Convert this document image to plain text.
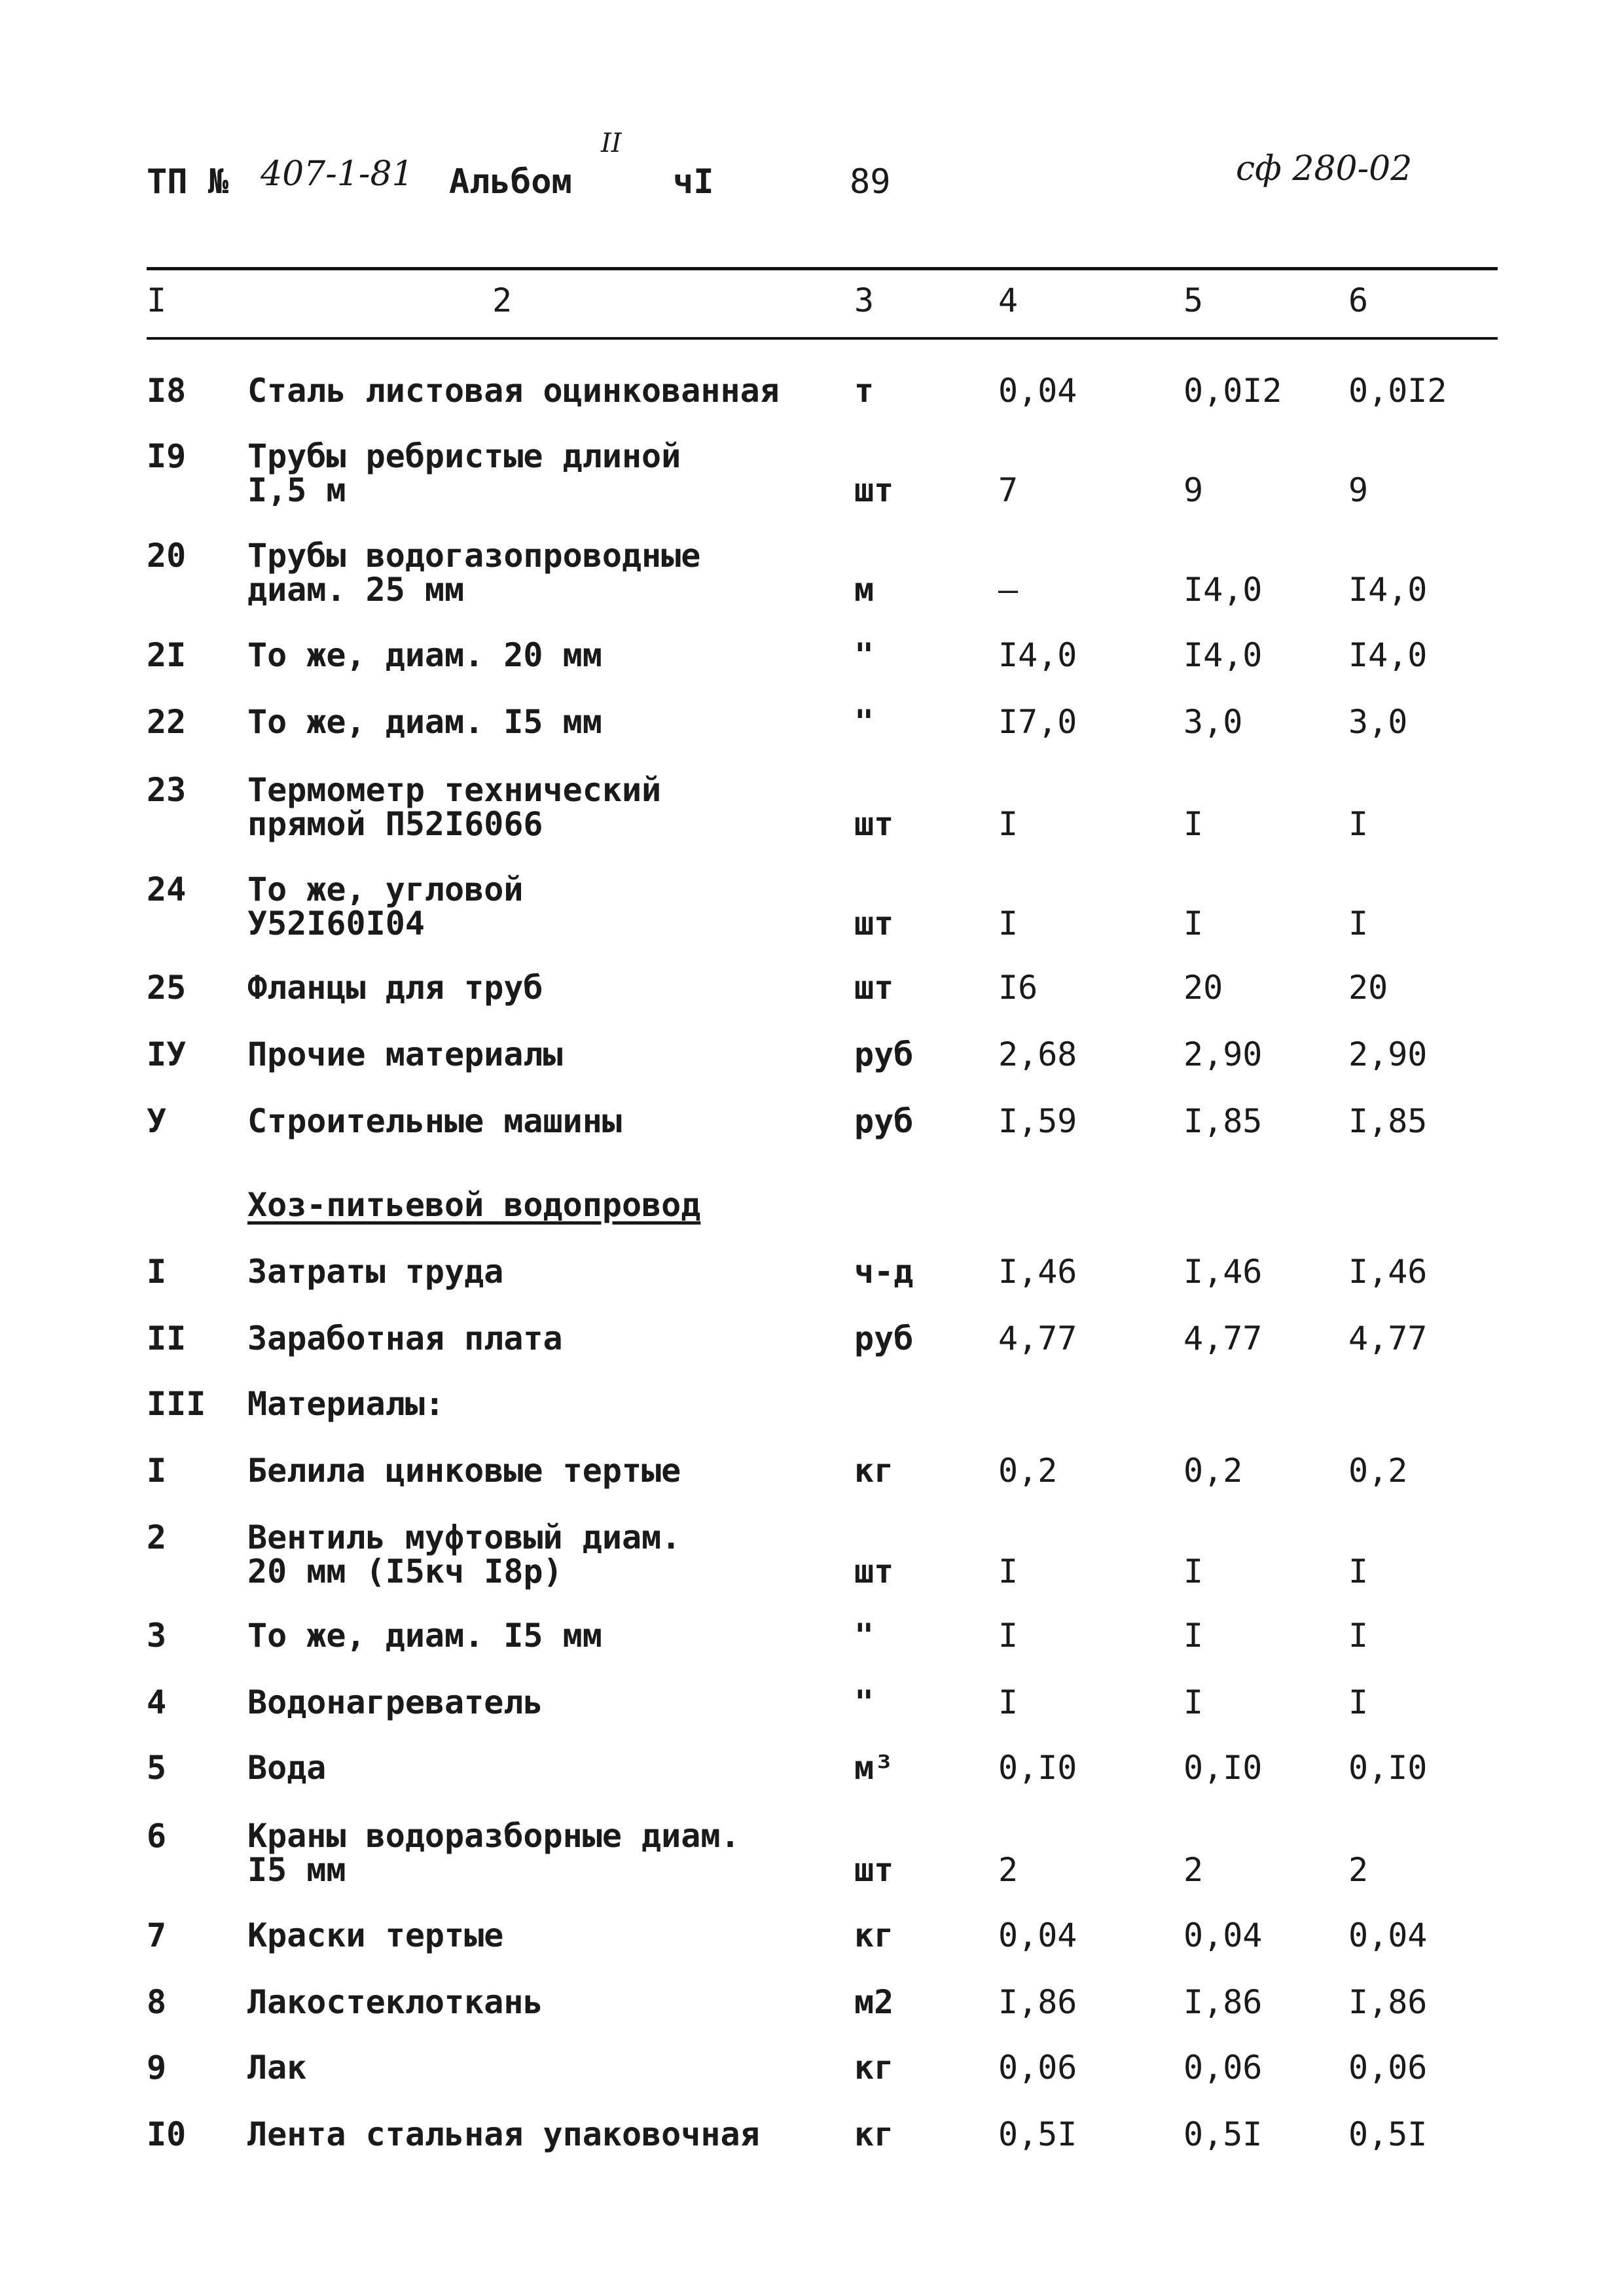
ТП № 407-1-81 Альбом
II
чI	89	сф 280-02
I	2	3	4	5	6
I8 Сталь листовая оцинкованная т	0,04	0,0I2 0,0I2
I9 Трубы ребристые длиной
I,5 м	шт	7	9	9
20 Трубы водогазопроводные
диам. 25 мм	м	–	I4,0	I4,0
2I То же, диам. 20 мм	"	I4,0	I4,0	I4,0
22 То же, диам. I5 мм	"	I7,0	3,0	3,0
23 Термометр технический
прямой П52I6066	шт	I	I	I
24 То же, угловой
У52I60I04	шт	I	I	I
25 Фланцы для труб	шт	I6	20	20
IУ Прочие материалы	руб	2,68	2,90	2,90
У Строительные машины	руб	I,59	I,85	I,85
Хоз-питьевой водопровод
I Затраты труда	ч-д	I,46	I,46	I,46
II Заработная плата	руб	4,77	4,77	4,77
III Материалы:
I Белила цинковые тертые	кг	0,2	0,2	0,2
2 Вентиль муфтовый диам.
20 мм (I5кч I8р)	шт	I	I	I
3 То же, диам. I5 мм	"	I	I	I
4 Водонагреватель	"	I	I	I
5 Вода	м³	0,I0	0,I0	0,I0
6 Краны водоразборные диам.
I5 мм	шт	2	2	2
7 Краски тертые	кг	0,04	0,04	0,04
8 Лакостеклоткань	м2	I,86	I,86	I,86
9 Лак	кг	0,06	0,06	0,06
I0 Лента стальная упаковочная	кг	0,5I	0,5I	0,5I
